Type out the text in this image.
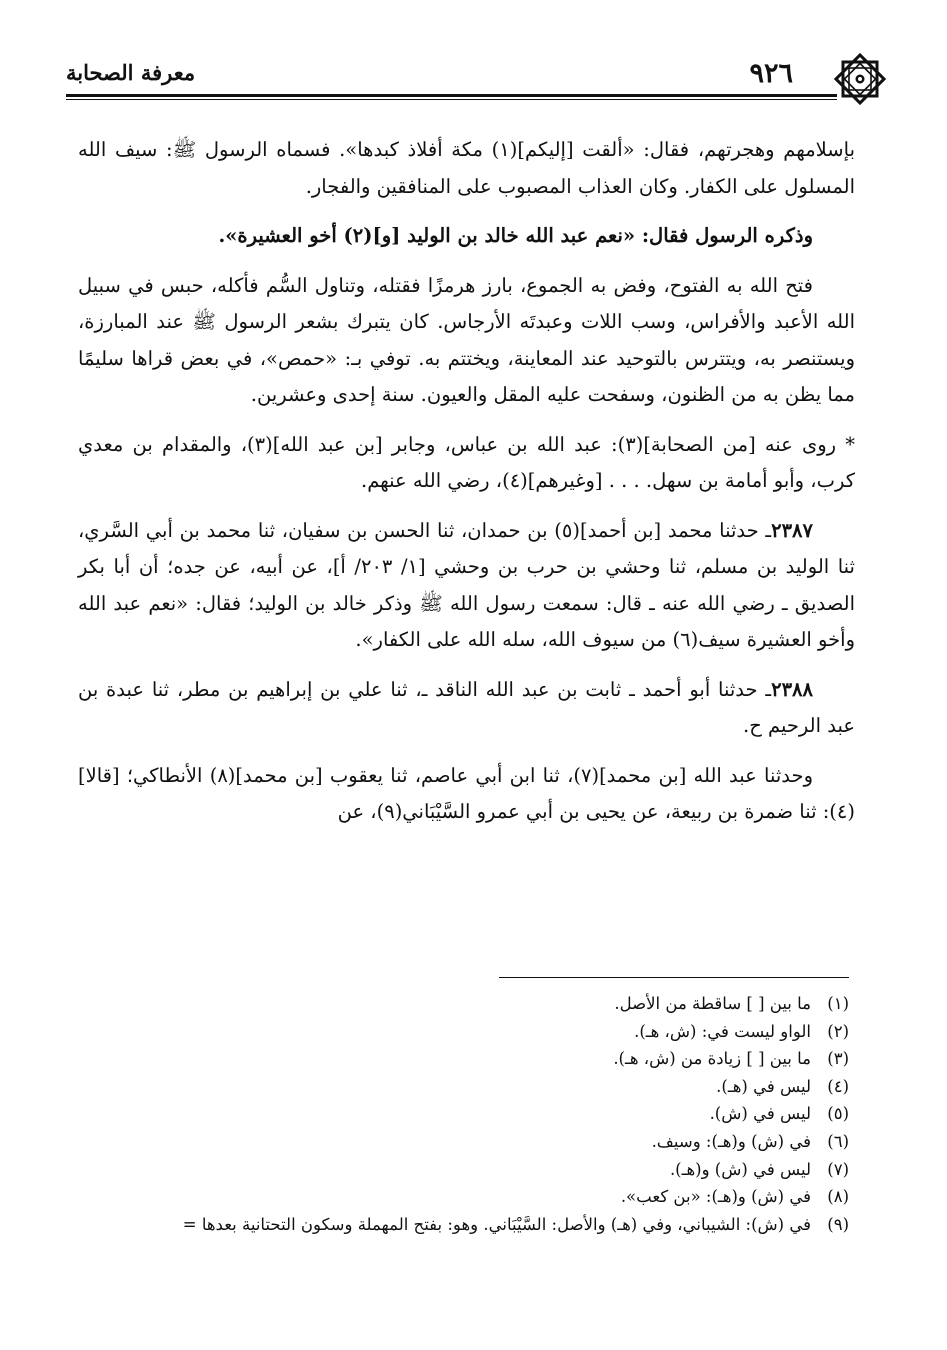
٩٢٦
معرفة الصحابة

بإسلامهم وهجرتهم، فقال: «ألقت [إليكم](١) مكة أفلاذ كبدها». فسماه الرسول ﷺ: سيف الله المسلول على الكفار. وكان العذاب المصبوب على المنافقين والفجار.

وذكره الرسول فقال: «نعم عبد الله خالد بن الوليد [و](٢) أخو العشيرة».

فتح الله به الفتوح، وفض به الجموع، بارز هرمزًا فقتله، وتناول السُّم فأكله، حبس في سبيل الله الأعبد والأفراس، وسب اللات وعبدتَه الأرجاس. كان يتبرك بشعر الرسول ﷺ عند المبارزة، ويستنصر به، ويتترس بالتوحيد عند المعاينة، ويختتم به. توفي بـ: «حمص»، في بعض قراها سليمًا مما يظن به من الظنون، وسفحت عليه المقل والعيون. سنة إحدى وعشرين.

* روى عنه [من الصحابة](٣): عبد الله بن عباس، وجابر [بن عبد الله](٣)، والمقدام بن معدي كرب، وأبو أمامة بن سهل. . . . [وغيرهم](٤)، رضي الله عنهم.

٢٣٨٧ـ حدثنا محمد [بن أحمد](٥) بن حمدان، ثنا الحسن بن سفيان، ثنا محمد بن أبي السَّري، ثنا الوليد بن مسلم، ثنا وحشي بن حرب بن وحشي [١/ ٢٠٣/ أ]، عن أبيه، عن جده؛ أن أبا بكر الصديق ـ رضي الله عنه ـ قال: سمعت رسول الله ﷺ وذكر خالد بن الوليد؛ فقال: «نعم عبد الله وأخو العشيرة سيف(٦) من سيوف الله، سله الله على الكفار».

٢٣٨٨ـ حدثنا أبو أحمد ـ ثابت بن عبد الله الناقد ـ، ثنا علي بن إبراهيم بن مطر، ثنا عبدة بن عبد الرحيم ح.

وحدثنا عبد الله [بن محمد](٧)، ثنا ابن أبي عاصم، ثنا يعقوب [بن محمد](٨) الأنطاكي؛ [قالا](٤): ثنا ضمرة بن ربيعة، عن يحيى بن أبي عمرو السَّيْبَاني(٩)، عن

(١)ما بين [ ] ساقطة من الأصل.
(٢)الواو ليست في: (ش، هـ).
(٣)ما بين [ ] زيادة من (ش، هـ).
(٤)ليس في (هـ).
(٥)ليس في (ش).
(٦)في (ش) و(هـ): وسيف.
(٧)ليس في (ش) و(هـ).
(٨)في (ش) و(هـ): «بن كعب».
(٩)في (ش): الشيباني، وفي (هـ) والأصل: السَّيْبَاني. وهو: بفتح المهملة وسكون التحتانية بعدها =
